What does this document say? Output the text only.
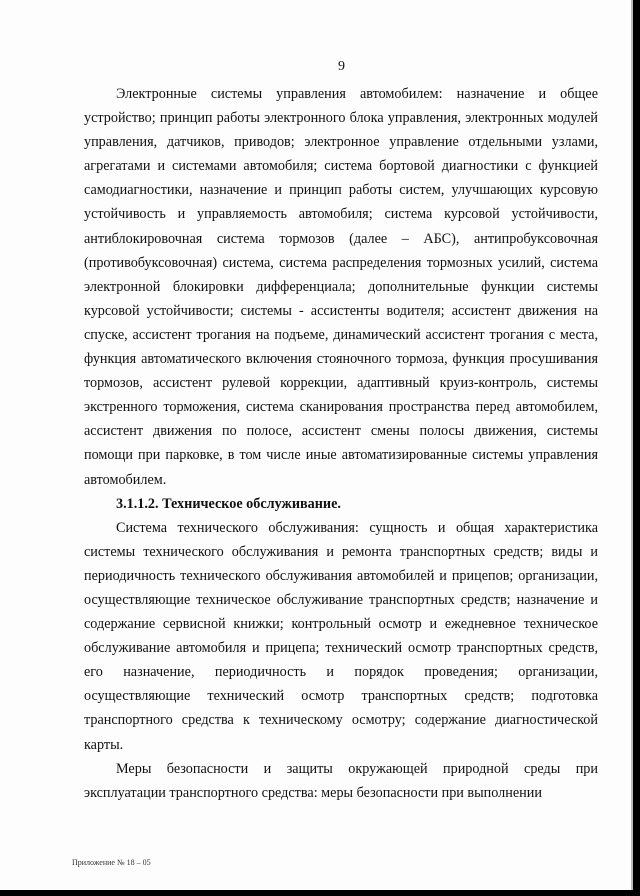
9

Электронные системы управления автомобилем: назначение и общее устройство; принцип работы электронного блока управления, электронных модулей управления, датчиков, приводов; электронное управление отдельными узлами, агрегатами и системами автомобиля; система бортовой диагностики с функцией самодиагностики, назначение и принцип работы систем, улучшающих курсовую устойчивость и управляемость автомобиля; система курсовой устойчивости, антиблокировочная система тормозов (далее – АБС), антипробуксовочная (противобуксовочная) система, система распределения тормозных усилий, система электронной блокировки дифференциала; дополнительные функции системы курсовой устойчивости; системы - ассистенты водителя; ассистент движения на спуске, ассистент трогания на подъеме, динамический ассистент трогания с места, функция автоматического включения стояночного тормоза, функция просушивания тормозов, ассистент рулевой коррекции, адаптивный круиз-контроль, системы экстренного торможения, система сканирования пространства перед автомобилем, ассистент движения по полосе, ассистент смены полосы движения, системы помощи при парковке, в том числе иные автоматизированные системы управления автомобилем.

3.1.1.2. Техническое обслуживание.

Система технического обслуживания: сущность и общая характеристика системы технического обслуживания и ремонта транспортных средств; виды и периодичность технического обслуживания автомобилей и прицепов; организации, осуществляющие техническое обслуживание транспортных средств; назначение и содержание сервисной книжки; контрольный осмотр и ежедневное техническое обслуживание автомобиля и прицепа; технический осмотр транспортных средств, его назначение, периодичность и порядок проведения; организации, осуществляющие технический осмотр транспортных средств; подготовка транспортного средства к техническому осмотру; содержание диагностической карты.

Меры безопасности и защиты окружающей природной среды при эксплуатации транспортного средства: меры безопасности при выполнении

Приложение № 18 – 05
